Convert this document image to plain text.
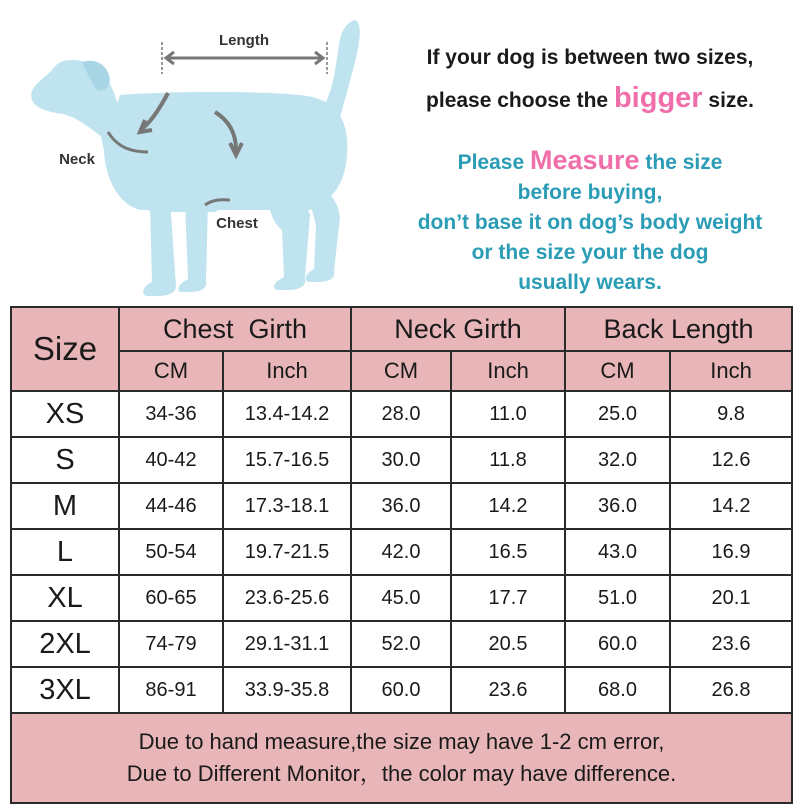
Length
Neck
Chest
If your dog is between two sizes,
please choose the bigger size.
Please Measure the size
before buying,
don’t base it on dog’s body weight
or the size your the dog
usually wears.
Size	Chest  Girth		Neck Girth		Back Length	
	CM	Inch	CM	Inch	CM	Inch
XS	34-36	13.4-14.2	28.0	11.0	25.0	9.8
S	40-42	15.7-16.5	30.0	11.8	32.0	12.6
M	44-46	17.3-18.1	36.0	14.2	36.0	14.2
L	50-54	19.7-21.5	42.0	16.5	43.0	16.9
XL	60-65	23.6-25.6	45.0	17.7	51.0	20.1
2XL	74-79	29.1-31.1	52.0	20.5	60.0	23.6
3XL	86-91	33.9-35.8	60.0	23.6	68.0	26.8

Due to hand measure,the size may have 1-2 cm error,
Due to Different Monitor，the color may have difference.						
